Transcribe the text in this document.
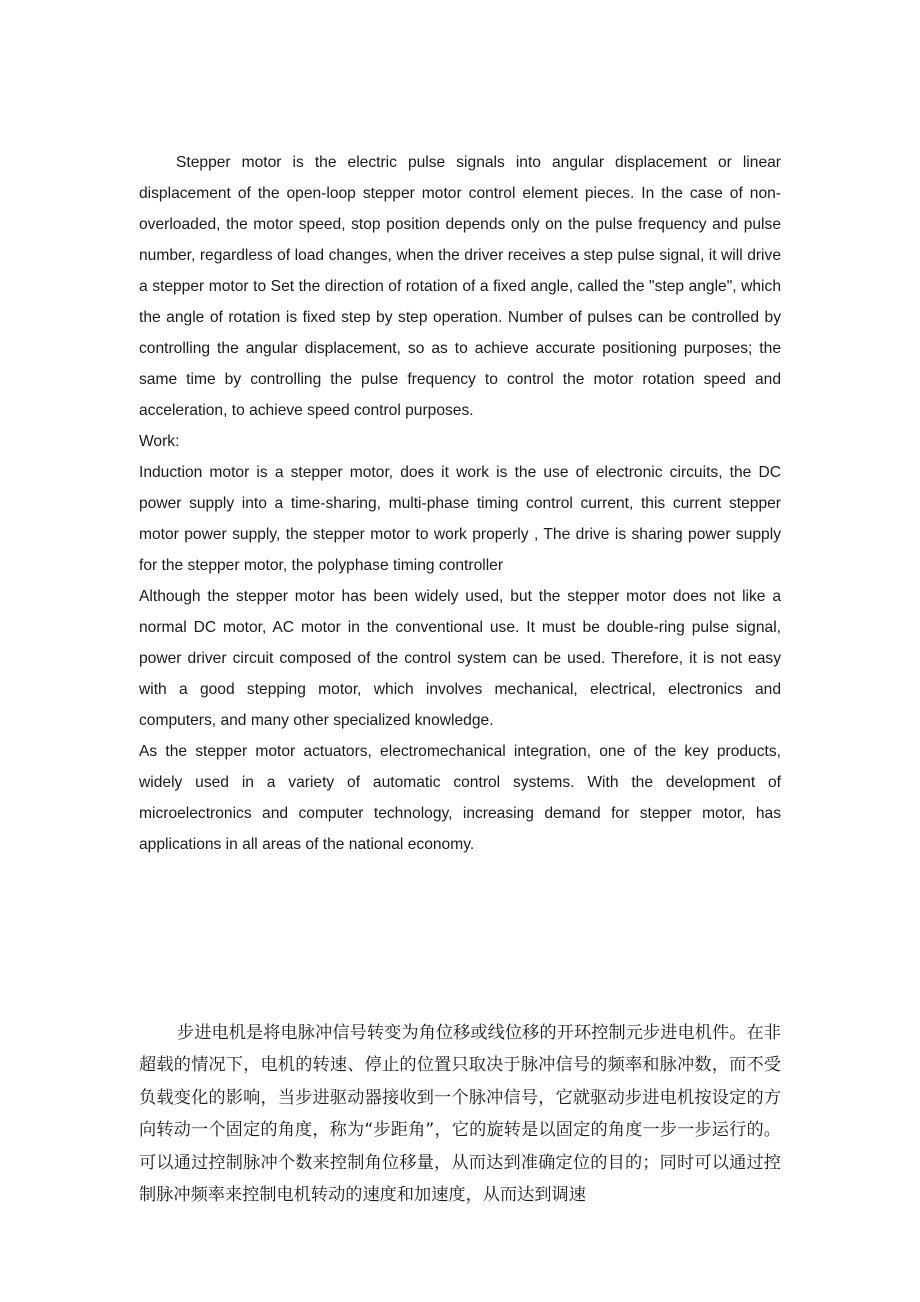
Stepper motor is the electric pulse signals into angular displacement or linear displacement of the open-loop stepper motor control element pieces. In the case of non-overloaded, the motor speed, stop position depends only on the pulse frequency and pulse number, regardless of load changes, when the driver receives a step pulse signal, it will drive a stepper motor to Set the direction of rotation of a fixed angle, called the "step angle", which the angle of rotation is fixed step by step operation. Number of pulses can be controlled by controlling the angular displacement, so as to achieve accurate positioning purposes; the same time by controlling the pulse frequency to control the motor rotation speed and acceleration, to achieve speed control purposes.

Work:

Induction motor is a stepper motor, does it work is the use of electronic circuits, the DC power supply into a time-sharing, multi-phase timing control current, this current stepper motor power supply, the stepper motor to work properly , The drive is sharing power supply for the stepper motor, the polyphase timing controller

Although the stepper motor has been widely used, but the stepper motor does not like a normal DC motor, AC motor in the conventional use. It must be double-ring pulse signal, power driver circuit composed of the control system can be used. Therefore, it is not easy with a good stepping motor, which involves mechanical, electrical, electronics and computers, and many other specialized knowledge.

As the stepper motor actuators, electromechanical integration, one of the key products, widely used in a variety of automatic control systems. With the development of microelectronics and computer technology, increasing demand for stepper motor, has applications in all areas of the national economy.

步进电机是将电脉冲信号转变为角位移或线位移的开环控制元步进电机件。在非超载的情况下，电机的转速、停止的位置只取决于脉冲信号的频率和脉冲数，而不受负载变化的影响，当步进驱动器接收到一个脉冲信号，它就驱动步进电机按设定的方向转动一个固定的角度，称为“步距角”，它的旋转是以固定的角度一步一步运行的。可以通过控制脉冲个数来控制角位移量，从而达到准确定位的目的；同时可以通过控制脉冲频率来控制电机转动的速度和加速度，从而达到调速
